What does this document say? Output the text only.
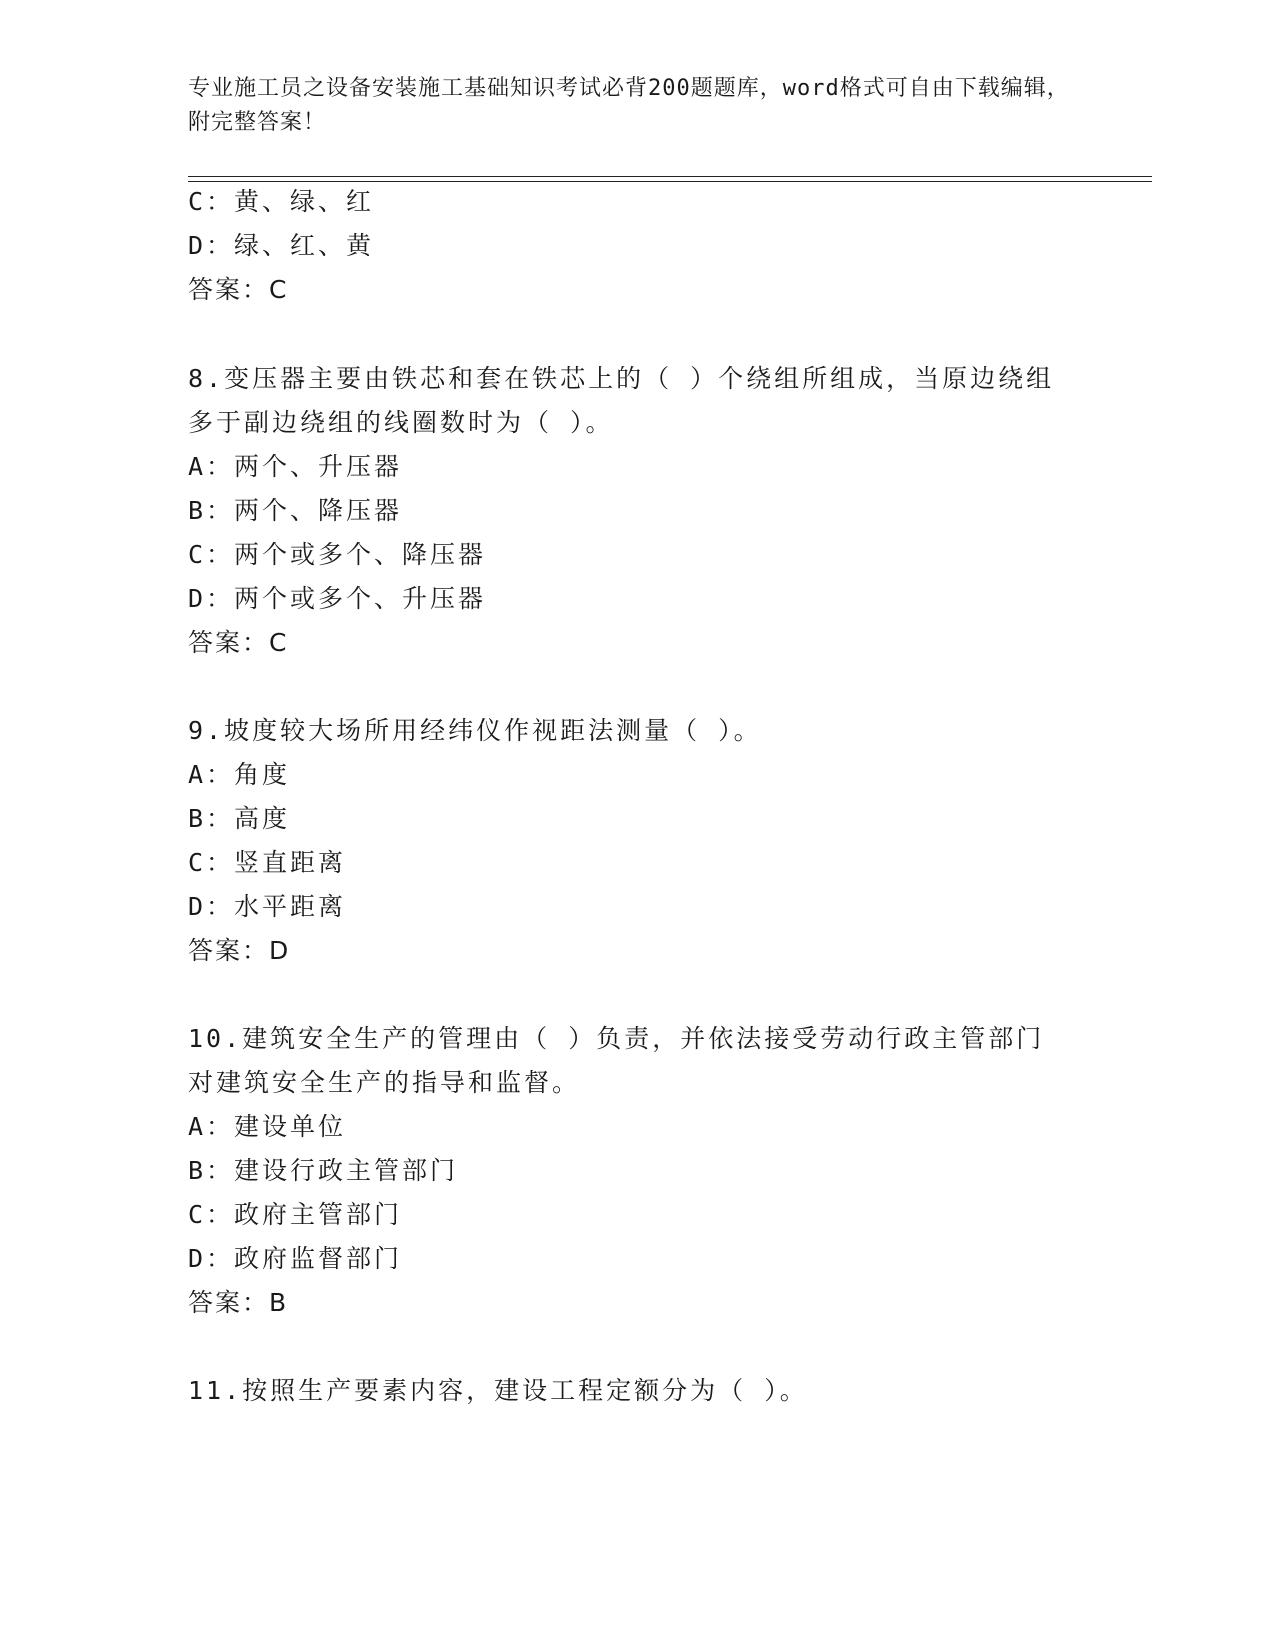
专业施工员之设备安装施工基础知识考试必背200题题库，word格式可自由下载编辑，附完整答案！
C：黄、绿、红
D：绿、红、黄
答案：C
8.变压器主要由铁芯和套在铁芯上的（ ）个绕组所组成，当原边绕组
多于副边绕组的线圈数时为（ ）。
A：两个、升压器
B：两个、降压器
C：两个或多个、降压器
D：两个或多个、升压器
答案：C
9.坡度较大场所用经纬仪作视距法测量（ ）。
A：角度
B：高度
C：竖直距离
D：水平距离
答案：D
10.建筑安全生产的管理由（ ）负责，并依法接受劳动行政主管部门
对建筑安全生产的指导和监督。
A：建设单位
B：建设行政主管部门
C：政府主管部门
D：政府监督部门
答案：B
11.按照生产要素内容，建设工程定额分为（ ）。
